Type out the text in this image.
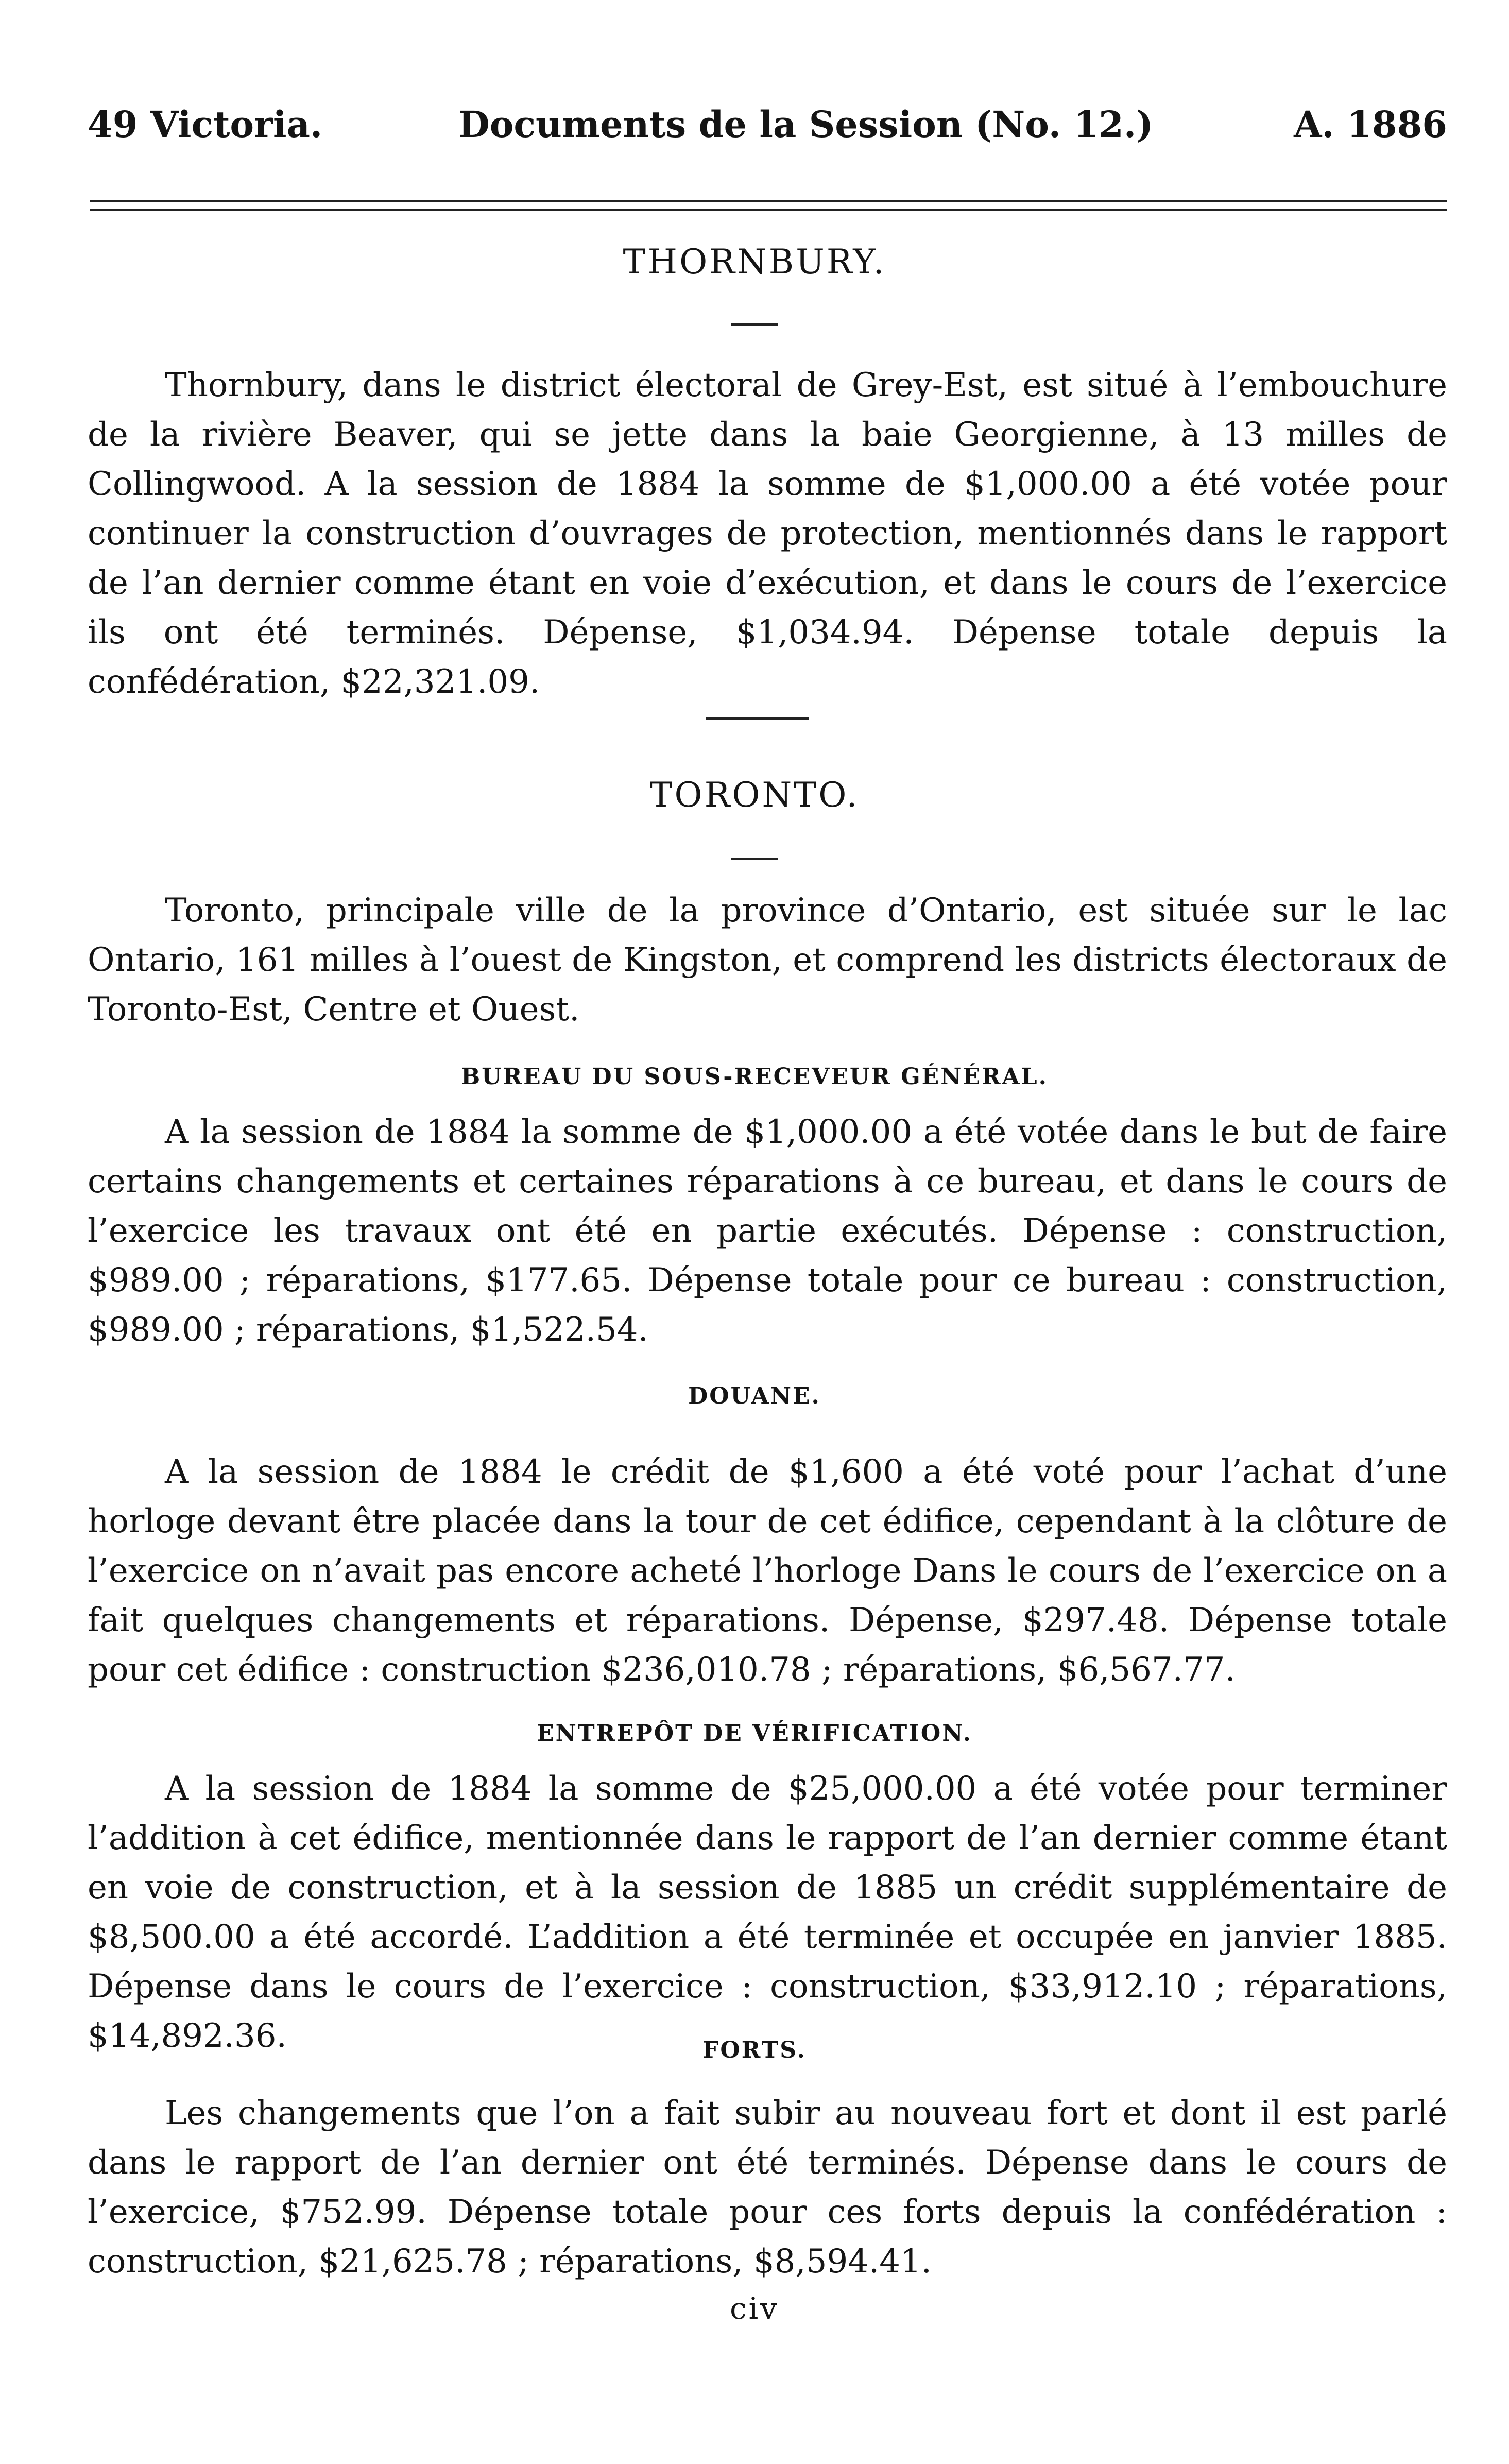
49 Victoria.	Documents de la Session (No. 12.)	A. 1886
THORNBURY.
Thornbury, dans le district électoral de Grey-Est, est situé à l’embouchure de la rivière Beaver, qui se jette dans la baie Georgienne, à 13 milles de Collingwood. A la session de 1884 la somme de $1,000.00 a été votée pour continuer la construction d’ouvrages de protection, mentionnés dans le rapport de l’an dernier comme étant en voie d’exécution, et dans le cours de l’exercice ils ont été terminés. Dépense, $1,034.94. Dépense totale depuis la confédération, $22,321.09.
TORONTO.
Toronto, principale ville de la province d’Ontario, est située sur le lac Ontario, 161 milles à l’ouest de Kingston, et comprend les districts électoraux de Toronto-Est, Centre et Ouest.
BUREAU DU SOUS-RECEVEUR GÉNÉRAL.
A la session de 1884 la somme de $1,000.00 a été votée dans le but de faire certains changements et certaines réparations à ce bureau, et dans le cours de l’exercice les travaux ont été en partie exécutés. Dépense : construction, $989.00 ; réparations, $177.65. Dépense totale pour ce bureau : construction, $989.00 ; réparations, $1,522.54.
DOUANE.
A la session de 1884 le crédit de $1,600 a été voté pour l’achat d’une horloge devant être placée dans la tour de cet édifice, cependant à la clôture de l’exercice on n’avait pas encore acheté l’horloge Dans le cours de l’exercice on a fait quelques changements et réparations. Dépense, $297.48. Dépense totale pour cet édifice : construction $236,010.78 ; réparations, $6,567.77.
ENTREPÔT DE VÉRIFICATION.
A la session de 1884 la somme de $25,000.00 a été votée pour terminer l’addition à cet édifice, mentionnée dans le rapport de l’an dernier comme étant en voie de construction, et à la session de 1885 un crédit supplémentaire de $8,500.00 a été accordé. L’addition a été terminée et occupée en janvier 1885. Dépense dans le cours de l’exercice : construction, $33,912.10 ; réparations, $14,892.36.	FORTS.
Les changements que l’on a fait subir au nouveau fort et dont il est parlé dans le rapport de l’an dernier ont été terminés. Dépense dans le cours de l’exercice, $752.99. Dépense totale pour ces forts depuis la confédération : construction, $21,625.78 ; réparations, $8,594.41.
civ
